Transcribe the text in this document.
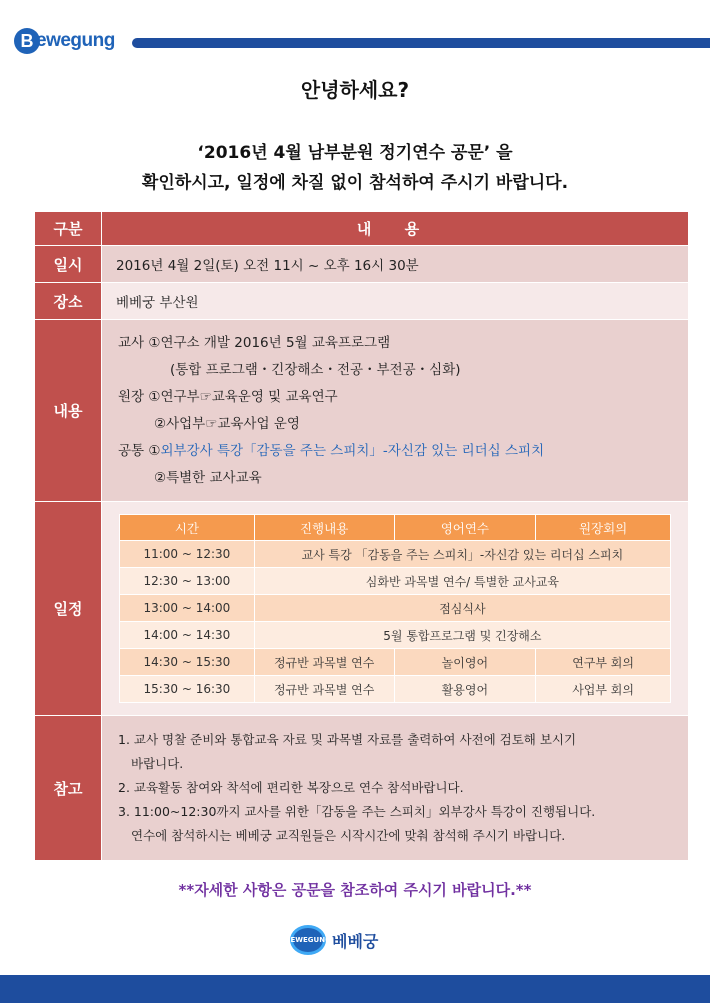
B ewegung
안녕하세요?
‘2016년 4월 남부분원 정기연수 공문’ 을
확인하시고, 일정에 차질 없이 참석하여 주시기 바랍니다.
구분	내 용
일시	2016년 4월 2일(토) 오전 11시 ~ 오후 16시 30분
장소	베베궁 부산원
내용	
교사 ①연구소 개발 2016년 5월 교육프로그램
(통합 프로그램・긴장해소・전공・부전공・심화)
원장 ①연구부☞교육운영 및 교육연구
②사업부☞교육사업 운영
공통 ①외부강사 특강「감동을 주는 스피치」-자신감 있는 리더십 스피치
②특별한 교사교육

일정	
시간	진행내용	영어연수	원장회의
11:00 ~ 12:30	교사 특강 「감동을 주는 스피치」-자신감 있는 리더십 스피치
12:30 ~ 13:00	심화반 과목별 연수/ 특별한 교사교육
13:00 ~ 14:00	점심식사
14:00 ~ 14:30	5월 통합프로그램 및 긴장해소
14:30 ~ 15:30	정규반 과목별 연수	놀이영어	연구부 회의
15:30 ~ 16:30	정규반 과목별 연수	활용영어	사업부 회의

참고	
1. 교사 명찰 준비와 통합교육 자료 및 과목별 자료를 출력하여 사전에 검토해 보시기
바랍니다.
2. 교육활동 참여와 착석에 편리한 복장으로 연수 참석바랍니다.
3. 11:00~12:30까지 교사를 위한「감동을 주는 스피치」외부강사 특강이 진행됩니다.
연수에 참석하시는 베베궁 교직원들은 시작시간에 맞춰 참석해 주시기 바랍니다.
**자세한 사항은 공문을 참조하여 주시기 바랍니다.**
BEWEGUNG 베베궁
